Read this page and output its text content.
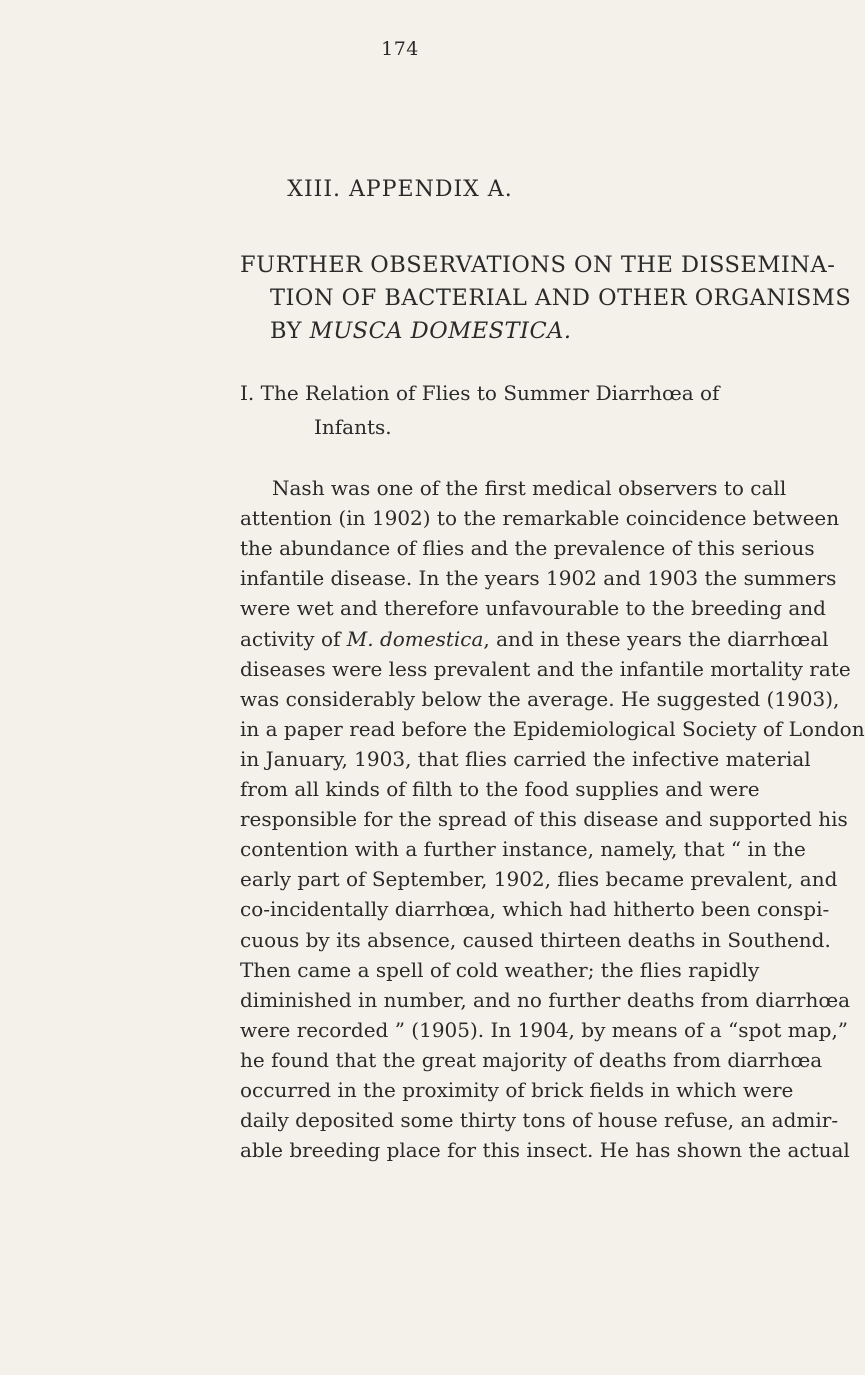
174
XIII. APPENDIX A.
FURTHER OBSERVATIONS ON THE DISSEMINA-
TION OF BACTERIAL AND OTHER ORGANISMS
BY MUSCA DOMESTICA.
I. The Relation of Flies to Summer Diarrhœa of
Infants.
Nash was one of the first medical observers to call
attention (in 1902) to the remarkable coincidence between
the abundance of flies and the prevalence of this serious
infantile disease. In the years 1902 and 1903 the summers
were wet and therefore unfavourable to the breeding and
activity of M. domestica, and in these years the diarrhœal
diseases were less prevalent and the infantile mortality rate
was considerably below the average. He suggested (1903),
in a paper read before the Epidemiological Society of London
in January, 1903, that flies carried the infective material
from all kinds of filth to the food supplies and were
responsible for the spread of this disease and supported his
contention with a further instance, namely, that “ in the
early part of September, 1902, flies became prevalent, and
co-incidentally diarrhœa, which had hitherto been conspi-
cuous by its absence, caused thirteen deaths in Southend.
Then came a spell of cold weather; the flies rapidly
diminished in number, and no further deaths from diarrhœa
were recorded ” (1905). In 1904, by means of a “spot map,”
he found that the great majority of deaths from diarrhœa
occurred in the proximity of brick fields in which were
daily deposited some thirty tons of house refuse, an admir-
able breeding place for this insect. He has shown the actual
